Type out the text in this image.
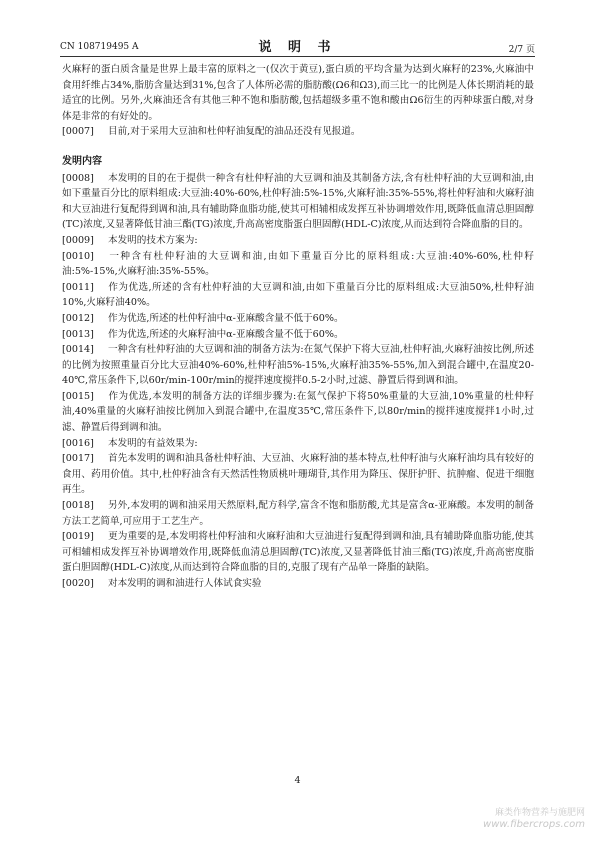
CN 108719495 A	说 明 书	2/7 页

火麻籽的蛋白质含量是世界上最丰富的原料之一(仅次于黄豆),蛋白质的平均含量为达到火麻籽的23%,火麻油中食用纤维占34%,脂肪含量达到31%,包含了人体所必需的脂肪酸(Ω6和Ω3),而三比一的比例是人体长期消耗的最适宜的比例。另外,火麻油还含有其他三种不饱和脂肪酸,包括超级多重不饱和酸由Ω6衍生的丙种球蛋白酸,对身体是非常的有好处的。

[0007] 目前,对于采用大豆油和杜仲籽油复配的油品还没有见报道。

发明内容

[0008] 本发明的目的在于提供一种含有杜仲籽油的大豆调和油及其制备方法,含有杜仲籽油的大豆调和油,由如下重量百分比的原料组成:大豆油:40%-60%,杜仲籽油:5%-15%,火麻籽油:35%-55%,将杜仲籽油和火麻籽油和大豆油进行复配得到调和油,具有辅助降血脂功能,使其可相辅相成发挥互补协调增效作用,既降低血清总胆固醇(TC)浓度,又显著降低甘油三酯(TG)浓度,升高高密度脂蛋白胆固醇(HDL-C)浓度,从而达到符合降血脂的目的。

[0009] 本发明的技术方案为:

[0010] 一种含有杜仲籽油的大豆调和油,由如下重量百分比的原料组成:大豆油:40%-60%,杜仲籽油:5%-15%,火麻籽油:35%-55%。

[0011] 作为优选,所述的含有杜仲籽油的大豆调和油,由如下重量百分比的原料组成:大豆油50%,杜仲籽油10%,火麻籽油40%。

[0012] 作为优选,所述的杜仲籽油中α-亚麻酸含量不低于60%。

[0013] 作为优选,所述的火麻籽油中α-亚麻酸含量不低于60%。

[0014] 一种含有杜仲籽油的大豆调和油的制备方法为:在氮气保护下将大豆油,杜仲籽油,火麻籽油按比例,所述的比例为按照重量百分比大豆油40%-60%,杜仲籽油5%-15%,火麻籽油35%-55%,加入到混合罐中,在温度20-40℃,常压条件下,以60r/min-100r/min的搅拌速度搅拌0.5-2小时,过滤、静置后得到调和油。

[0015] 作为优选,本发明的制备方法的详细步骤为:在氮气保护下将50%重量的大豆油,10%重量的杜仲籽油,40%重量的火麻籽油按比例加入到混合罐中,在温度35℃,常压条件下,以80r/min的搅拌速度搅拌1小时,过滤、静置后得到调和油。

[0016] 本发明的有益效果为:

[0017] 首先本发明的调和油具备杜仲籽油、大豆油、火麻籽油的基本特点,杜仲籽油与火麻籽油均具有较好的食用、药用价值。其中,杜仲籽油含有天然活性物质桃叶珊瑚苷,其作用为降压、保肝护肝、抗肿瘤、促进干细胞再生。

[0018] 另外,本发明的调和油采用天然原料,配方科学,富含不饱和脂肪酸,尤其是富含α-亚麻酸。本发明的制备方法工艺简单,可应用于工艺生产。

[0019] 更为重要的是,本发明将杜仲籽油和火麻籽油和大豆油进行复配得到调和油,具有辅助降血脂功能,使其可相辅相成发挥互补协调增效作用,既降低血清总胆固醇(TC)浓度,又显著降低甘油三酯(TG)浓度,升高高密度脂蛋白胆固醇(HDL-C)浓度,从而达到符合降血脂的目的,克服了现有产品单一降脂的缺陷。

[0020] 对本发明的调和油进行人体试食实验

4
麻类作物营养与施肥网
www.fibercrops.com
